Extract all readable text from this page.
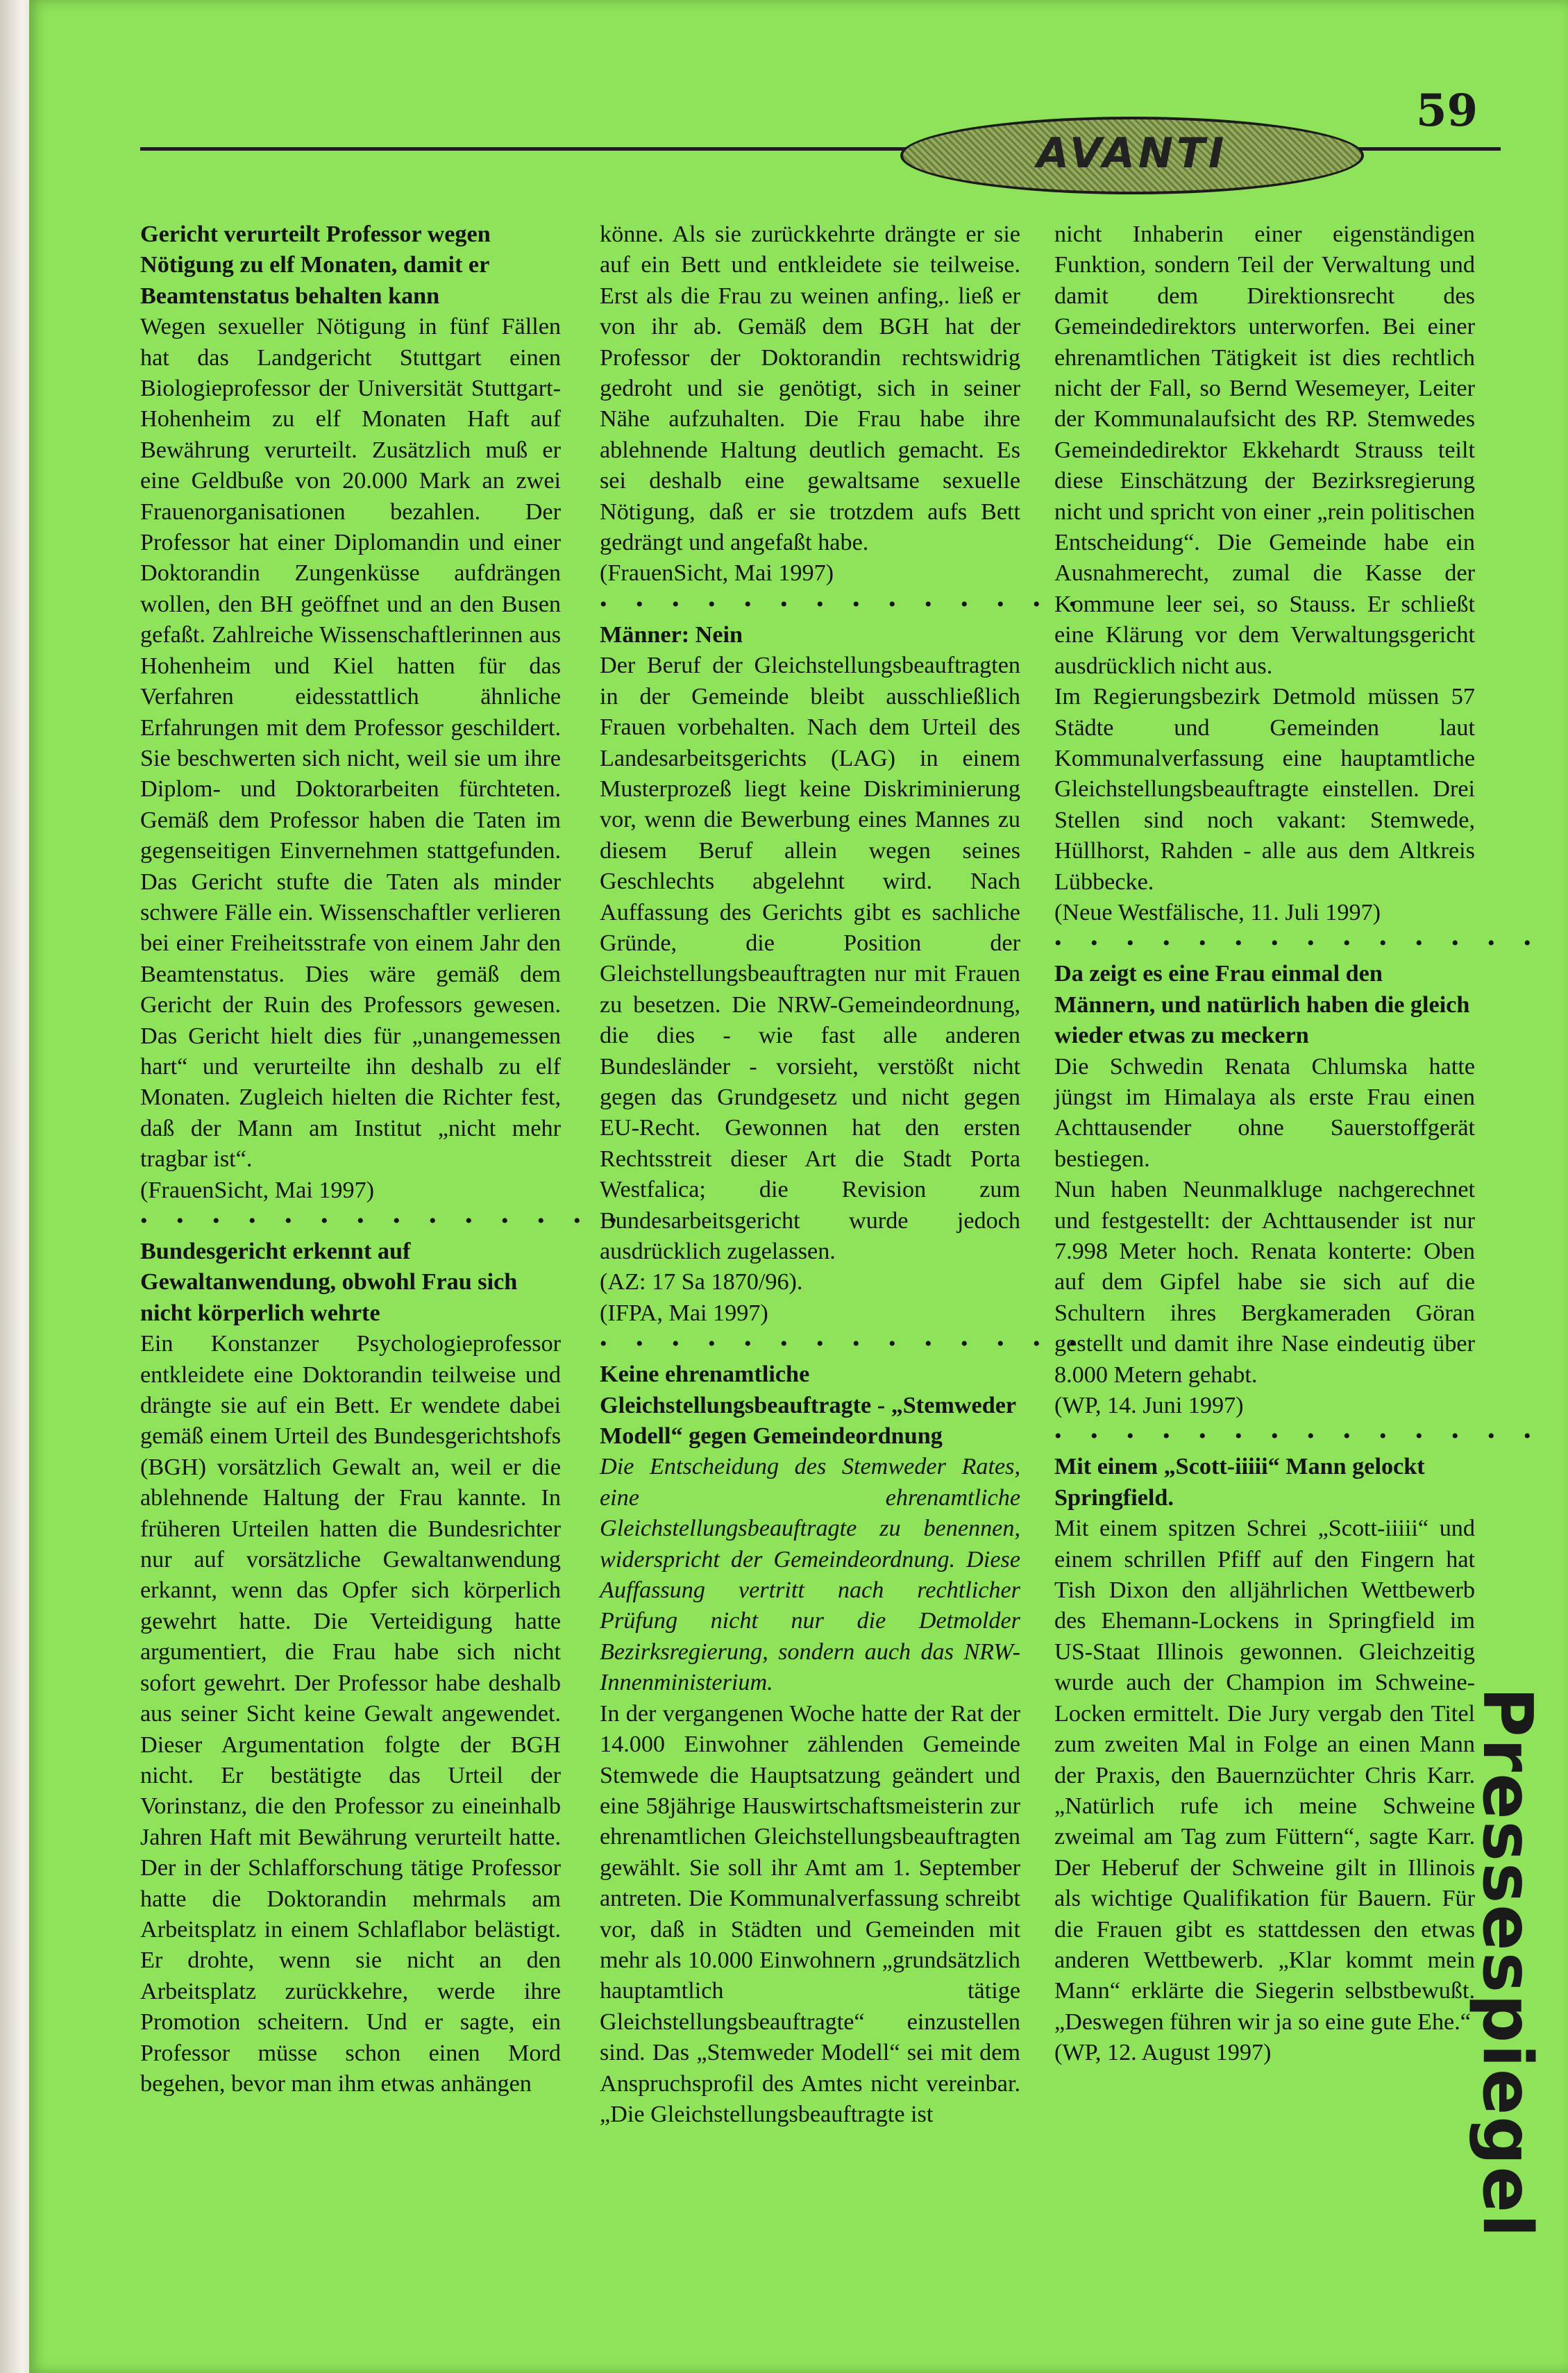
59
AVANTI

Gericht verurteilt Professor wegen Nötigung zu elf Monaten, damit er Beamtenstatus behalten kann

Wegen sexueller Nötigung in fünf Fällen hat das Landgericht Stuttgart einen Biologieprofessor der Universität Stuttgart-Hohenheim zu elf Monaten Haft auf Bewährung verurteilt. Zusätzlich muß er eine Geldbuße von 20.000 Mark an zwei Frauenorganisationen bezahlen. Der Professor hat einer Diplomandin und einer Doktorandin Zungenküsse aufdrängen wollen, den BH geöffnet und an den Busen gefaßt. Zahlreiche Wissenschaftlerinnen aus Hohenheim und Kiel hatten für das Verfahren eidesstattlich ähnliche Erfahrungen mit dem Professor geschildert. Sie beschwerten sich nicht, weil sie um ihre Diplom- und Doktorarbeiten fürchteten. Gemäß dem Professor haben die Taten im gegenseitigen Einvernehmen stattgefunden. Das Gericht stufte die Taten als minder schwere Fälle ein. Wissenschaftler verlieren bei einer Freiheitsstrafe von einem Jahr den Beamtenstatus. Dies wäre gemäß dem Gericht der Ruin des Professors gewesen. Das Gericht hielt dies für „unangemessen hart“ und verurteilte ihn deshalb zu elf Monaten. Zugleich hielten die Richter fest, daß der Mann am Institut „nicht mehr tragbar ist“.

(FrauenSicht, Mai 1997)

• • • • • • • • • • • • • •

Bundesgericht erkennt auf Gewaltanwendung, obwohl Frau sich nicht körperlich wehrte

Ein Konstanzer Psychologieprofessor entkleidete eine Doktorandin teilweise und drängte sie auf ein Bett. Er wendete dabei gemäß einem Urteil des Bundesgerichtshofs (BGH) vorsätzlich Gewalt an, weil er die ablehnende Haltung der Frau kannte. In früheren Urteilen hatten die Bundesrichter nur auf vorsätzliche Gewaltanwendung erkannt, wenn das Opfer sich körperlich gewehrt hatte. Die Verteidigung hatte argumentiert, die Frau habe sich nicht sofort gewehrt. Der Professor habe deshalb aus seiner Sicht keine Gewalt angewendet. Dieser Argumentation folgte der BGH nicht. Er bestätigte das Urteil der Vorinstanz, die den Professor zu eineinhalb Jahren Haft mit Bewährung verurteilt hatte. Der in der Schlafforschung tätige Professor hatte die Doktorandin mehrmals am Arbeitsplatz in einem Schlaflabor belästigt. Er drohte, wenn sie nicht an den Arbeitsplatz zurückkehre, werde ihre Promotion scheitern. Und er sagte, ein Professor müsse schon einen Mord begehen, bevor man ihm etwas anhängen

könne. Als sie zurückkehrte drängte er sie auf ein Bett und entkleidete sie teilweise. Erst als die Frau zu weinen anfing,. ließ er von ihr ab. Gemäß dem BGH hat der Professor der Doktorandin rechtswidrig gedroht und sie genötigt, sich in seiner Nähe aufzuhalten. Die Frau habe ihre ablehnende Haltung deutlich gemacht. Es sei deshalb eine gewaltsame sexuelle Nötigung, daß er sie trotzdem aufs Bett gedrängt und angefaßt habe.

(FrauenSicht, Mai 1997)

• • • • • • • • • • • • • •

Männer: Nein

Der Beruf der Gleichstellungsbeauftragten in der Gemeinde bleibt ausschließlich Frauen vorbehalten. Nach dem Urteil des Landesarbeitsgerichts (LAG) in einem Musterprozeß liegt keine Diskriminierung vor, wenn die Bewerbung eines Mannes zu diesem Beruf allein wegen seines Geschlechts abgelehnt wird. Nach Auffassung des Gerichts gibt es sachliche Gründe, die Position der Gleichstellungsbeauftragten nur mit Frauen zu besetzen. Die NRW-Gemeindeordnung, die dies - wie fast alle anderen Bundesländer - vorsieht, verstößt nicht gegen das Grundgesetz und nicht gegen EU-Recht. Gewonnen hat den ersten Rechtsstreit dieser Art die Stadt Porta Westfalica; die Revision zum Bundesarbeitsgericht wurde jedoch ausdrücklich zugelassen.

(AZ: 17 Sa 1870/96).

(IFPA, Mai 1997)

• • • • • • • • • • • • • •

Keine ehrenamtliche Gleichstellungsbeauftragte - „Stemweder Modell“ gegen Gemeindeordnung

Die Entscheidung des Stemweder Rates, eine ehrenamtliche Gleichstellungsbeauftragte zu benennen, widerspricht der Gemeindeordnung. Diese Auffassung vertritt nach rechtlicher Prüfung nicht nur die Detmolder Bezirksregierung, sondern auch das NRW-Innenministerium.

In der vergangenen Woche hatte der Rat der 14.000 Einwohner zählenden Gemeinde Stemwede die Hauptsatzung geändert und eine 58jährige Hauswirtschaftsmeisterin zur ehrenamtlichen Gleichstellungsbeauftragten gewählt. Sie soll ihr Amt am 1. September antreten. Die Kommunalverfassung schreibt vor, daß in Städten und Gemeinden mit mehr als 10.000 Einwohnern „grundsätzlich hauptamtlich tätige Gleichstellungsbeauftragte“ einzustellen sind. Das „Stemweder Modell“ sei mit dem Anspruchsprofil des Amtes nicht vereinbar. „Die Gleichstellungsbeauftragte ist

nicht Inhaberin einer eigenständigen Funktion, sondern Teil der Verwaltung und damit dem Direktionsrecht des Gemeindedirektors unterworfen. Bei einer ehrenamtlichen Tätigkeit ist dies rechtlich nicht der Fall, so Bernd Wesemeyer, Leiter der Kommunalaufsicht des RP. Stemwedes Gemeindedirektor Ekkehardt Strauss teilt diese Einschätzung der Bezirksregierung nicht und spricht von einer „rein politischen Entscheidung“. Die Gemeinde habe ein Ausnahmerecht, zumal die Kasse der Kommune leer sei, so Stauss. Er schließt eine Klärung vor dem Verwaltungsgericht ausdrücklich nicht aus.

Im Regierungsbezirk Detmold müssen 57 Städte und Gemeinden laut Kommunalverfassung eine hauptamtliche Gleichstellungsbeauftragte einstellen. Drei Stellen sind noch vakant: Stemwede, Hüllhorst, Rahden - alle aus dem Altkreis Lübbecke.

(Neue Westfälische, 11. Juli 1997)

• • • • • • • • • • • • • •

Da zeigt es eine Frau einmal den Männern, und natürlich haben die gleich wieder etwas zu meckern

Die Schwedin Renata Chlumska hatte jüngst im Himalaya als erste Frau einen Achttausender ohne Sauerstoffgerät bestiegen.

Nun haben Neunmalkluge nachgerechnet und festgestellt: der Achttausender ist nur 7.998 Meter hoch. Renata konterte: Oben auf dem Gipfel habe sie sich auf die Schultern ihres Bergkameraden Göran gestellt und damit ihre Nase eindeutig über 8.000 Metern gehabt.

(WP, 14. Juni 1997)

• • • • • • • • • • • • • •

Mit einem „Scott-iiiii“ Mann gelockt Springfield.

Mit einem spitzen Schrei „Scott-iiiii“ und einem schrillen Pfiff auf den Fingern hat Tish Dixon den alljährlichen Wettbewerb des Ehemann-Lockens in Springfield im US-Staat Illinois gewonnen. Gleichzeitig wurde auch der Champion im Schweine-Locken ermittelt. Die Jury vergab den Titel zum zweiten Mal in Folge an einen Mann der Praxis, den Bauernzüchter Chris Karr. „Natürlich rufe ich meine Schweine zweimal am Tag zum Füttern“, sagte Karr. Der Heberuf der Schweine gilt in Illinois als wichtige Qualifikation für Bauern. Für die Frauen gibt es stattdessen den etwas anderen Wettbewerb. „Klar kommt mein Mann“ erklärte die Siegerin selbstbewußt. „Deswegen führen wir ja so eine gute Ehe.“

(WP, 12. August 1997)	Pressespiegel
